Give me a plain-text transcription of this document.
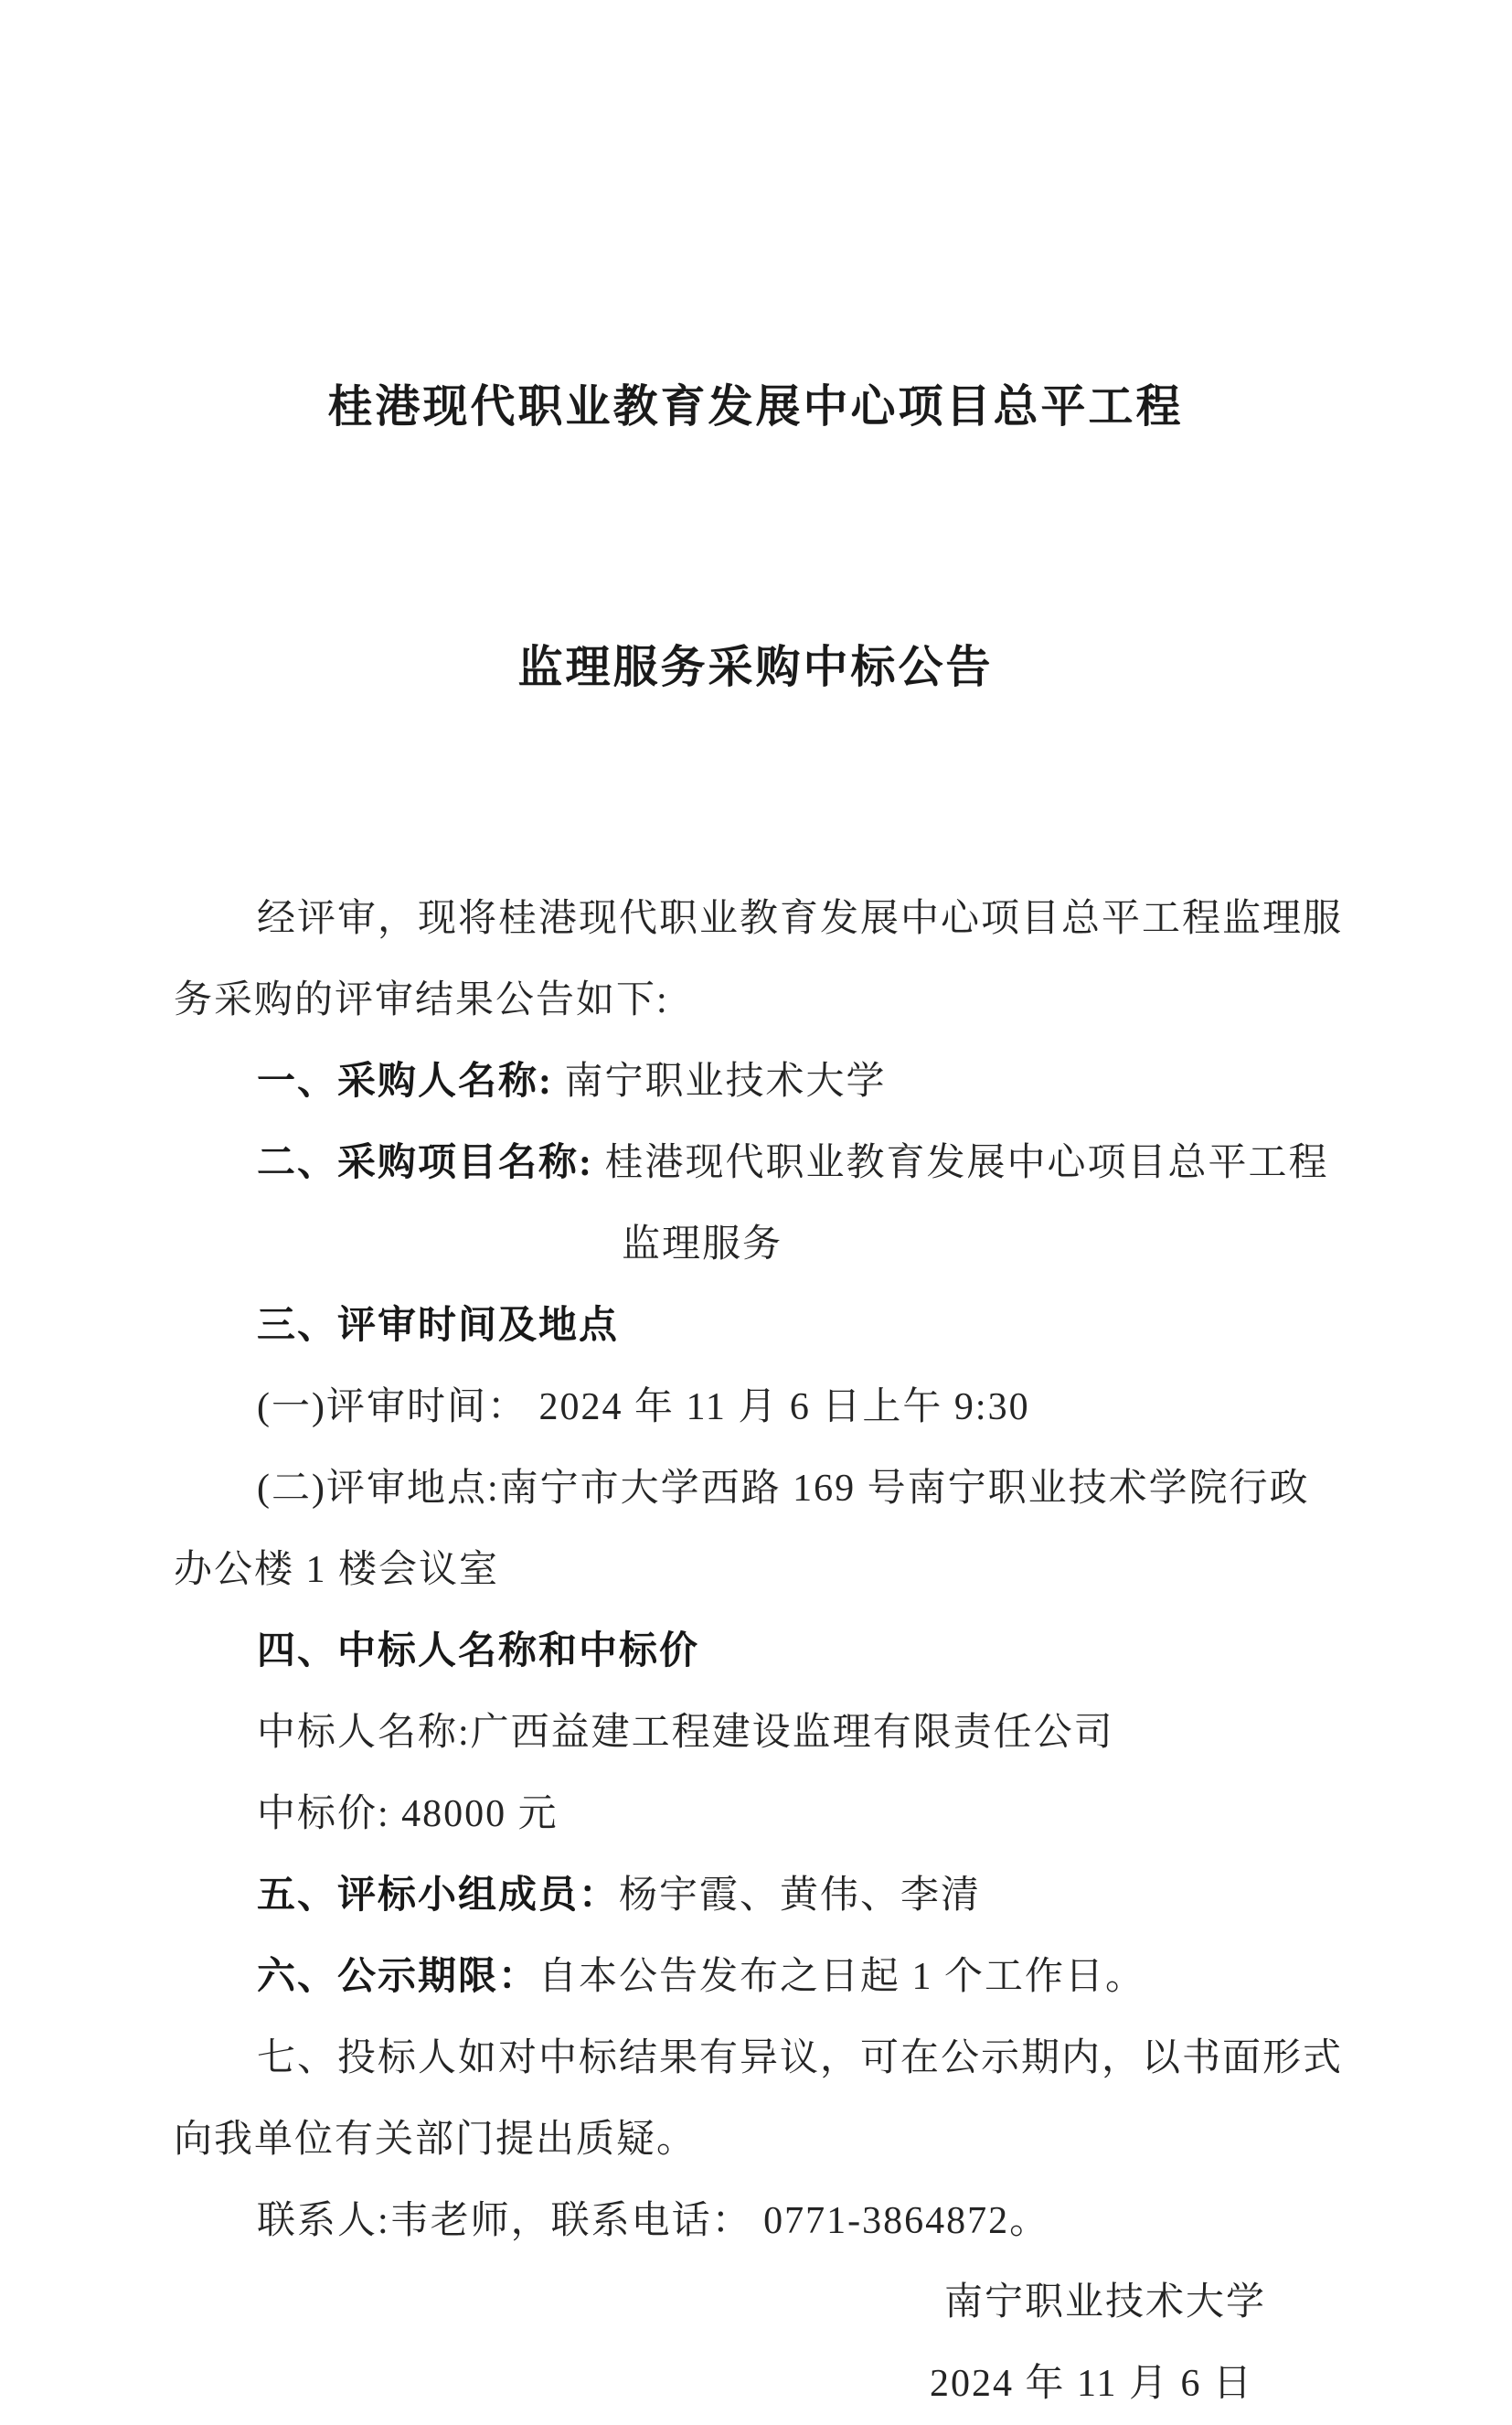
桂港现代职业教育发展中心项目总平工程

监理服务采购中标公告

经评审，现将桂港现代职业教育发展中心项目总平工程监理服
务采购的评审结果公告如下:
一、采购人名称: 南宁职业技术大学
二、采购项目名称: 桂港现代职业教育发展中心项目总平工程
监理服务
三、评审时间及地点
(一)评审时间： 2024 年 11 月 6 日上午 9:30
(二)评审地点:南宁市大学西路 169 号南宁职业技术学院行政
办公楼 1 楼会议室
四、中标人名称和中标价
中标人名称:广西益建工程建设监理有限责任公司
中标价: 48000 元
五、评标小组成员：杨宇霞、黄伟、李清
六、公示期限：自本公告发布之日起 1 个工作日。
七、投标人如对中标结果有异议，可在公示期内，以书面形式
向我单位有关部门提出质疑。
联系人:韦老师，联系电话： 0771-3864872。
南宁职业技术大学
2024 年 11 月 6 日
